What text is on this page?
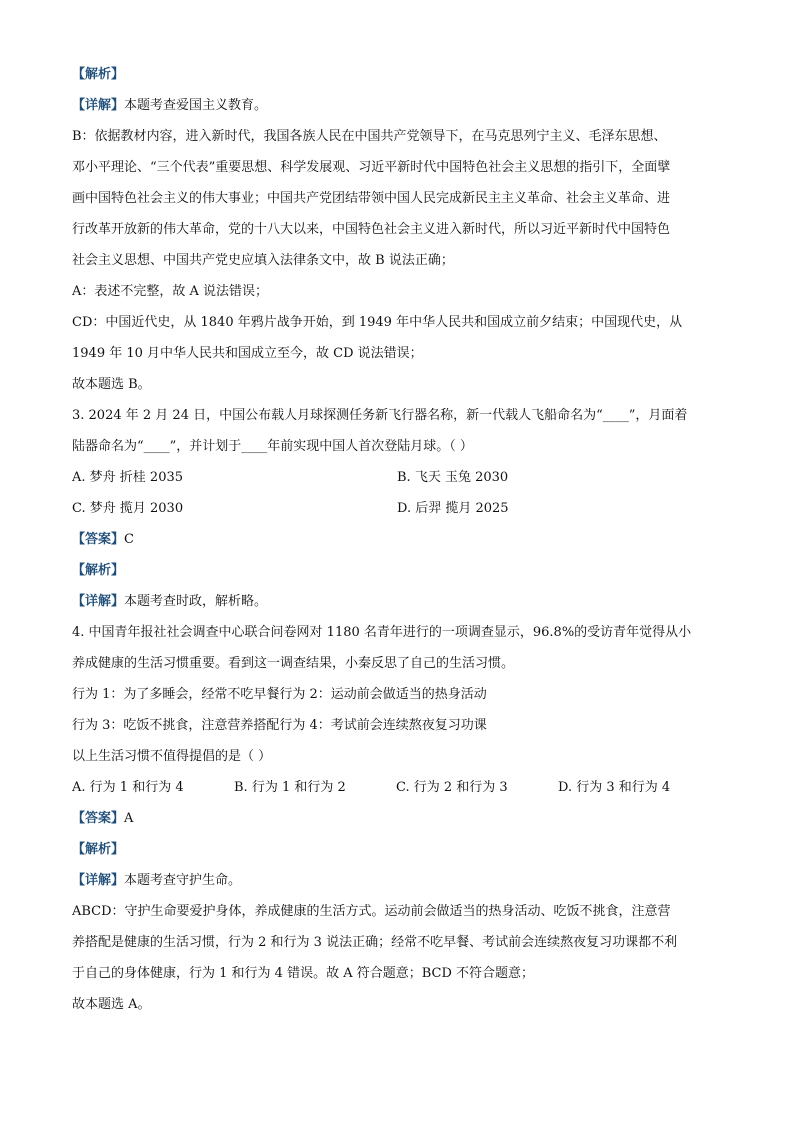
【解析】
【详解】本题考查爱国主义教育。
B：依据教材内容，进入新时代，我国各族人民在中国共产党领导下，在马克思列宁主义、毛泽东思想、
邓小平理论、“三个代表”重要思想、科学发展观、习近平新时代中国特色社会主义思想的指引下，全面擘
画中国特色社会主义的伟大事业；中国共产党团结带领中国人民完成新民主主义革命、社会主义革命、进
行改革开放新的伟大革命，党的十八大以来，中国特色社会主义进入新时代，所以习近平新时代中国特色
社会主义思想、中国共产党史应填入法律条文中，故 B 说法正确；
A：表述不完整，故 A 说法错误；
CD：中国近代史，从 1840 年鸦片战争开始，到 1949 年中华人民共和国成立前夕结束；中国现代史，从
1949 年 10 月中华人民共和国成立至今，故 CD 说法错误；
故本题选 B。
3. 2024 年 2 月 24 日，中国公布载人月球探测任务新飞行器名称，新一代载人飞船命名为“____”，月面着
陆器命名为“____”，并计划于____年前实现中国人首次登陆月球。（ ）
A. 梦舟 折桂 2035	B. 飞天 玉兔 2030
C. 梦舟 揽月 2030	D. 后羿 揽月 2025
【答案】C
【解析】
【详解】本题考查时政，解析略。
4. 中国青年报社社会调查中心联合问卷网对 1180 名青年进行的一项调查显示，96.8%的受访青年觉得从小
养成健康的生活习惯重要。看到这一调查结果，小秦反思了自己的生活习惯。
行为 1：为了多睡会，经常不吃早餐行为 2：运动前会做适当的热身活动
行为 3：吃饭不挑食，注意营养搭配行为 4：考试前会连续熬夜复习功课
以上生活习惯不值得提倡的是（ ）
A. 行为 1 和行为 4	B. 行为 1 和行为 2	C. 行为 2 和行为 3	D. 行为 3 和行为 4
【答案】A
【解析】
【详解】本题考查守护生命。
ABCD：守护生命要爱护身体，养成健康的生活方式。运动前会做适当的热身活动、吃饭不挑食，注意营
养搭配是健康的生活习惯，行为 2 和行为 3 说法正确；经常不吃早餐、考试前会连续熬夜复习功课都不利
于自己的身体健康，行为 1 和行为 4 错误。故 A 符合题意；BCD 不符合题意；
故本题选 A。
